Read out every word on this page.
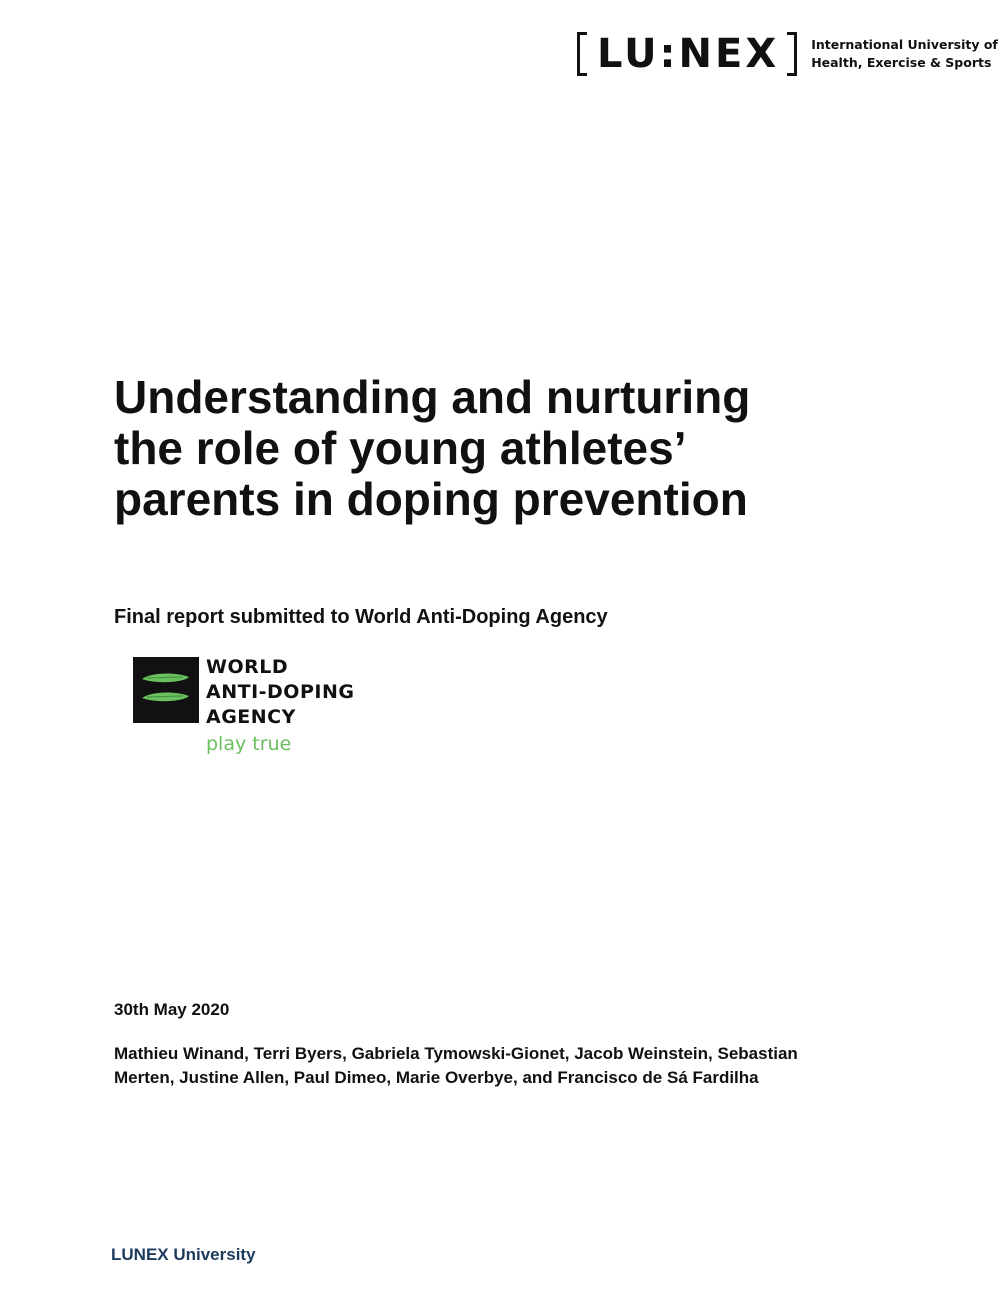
LU:NEX	International University of
Health, Exercise & Sports
Understanding and nurturing
the role of young athletes’
parents in doping prevention
Final report submitted to World Anti-Doping Agency
WORLD
ANTI-DOPING
AGENCY
play true
30th May 2020
Mathieu Winand, Terri Byers, Gabriela Tymowski-Gionet, Jacob Weinstein, Sebastian
Merten, Justine Allen, Paul Dimeo, Marie Overbye, and Francisco de Sá Fardilha
LUNEX University
